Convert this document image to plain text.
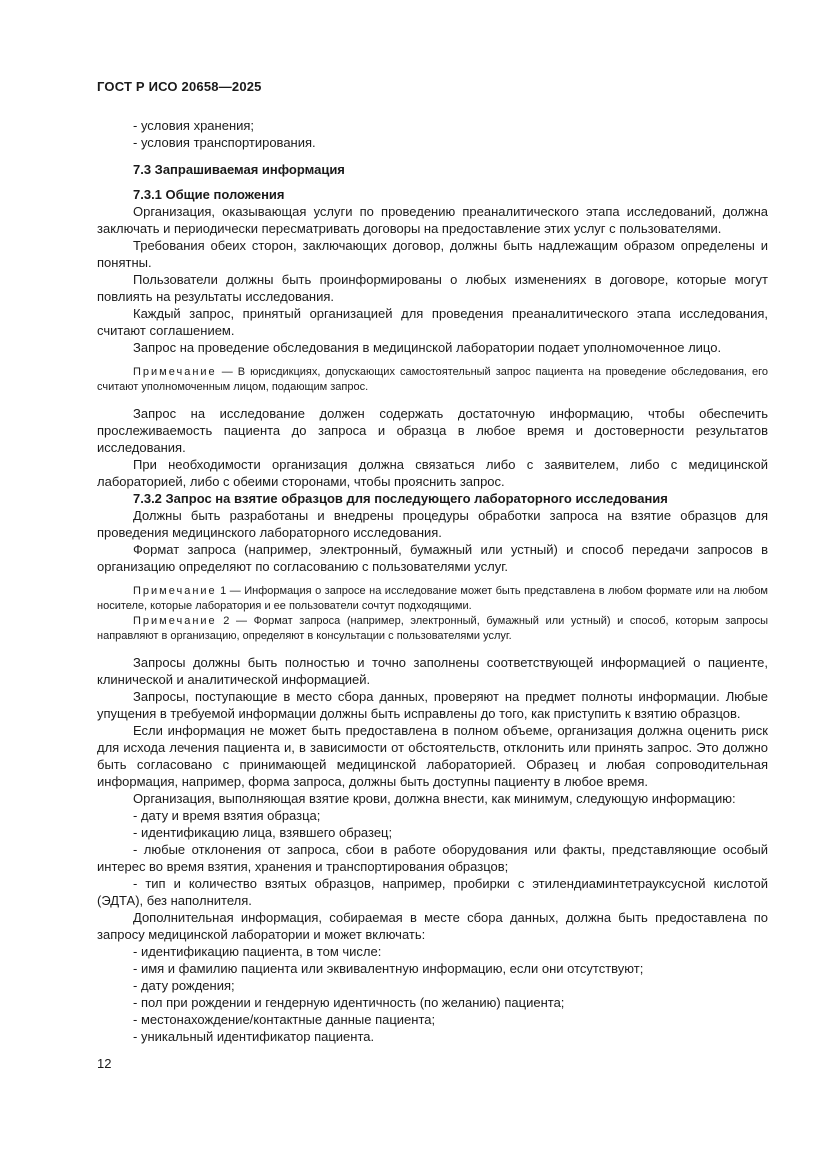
ГОСТ Р ИСО 20658—2025

- условия хранения;

- условия транспортирования.

7.3 Запрашиваемая информация

7.3.1 Общие положения

Организация, оказывающая услуги по проведению преаналитического этапа исследований, должна заключать и периодически пересматривать договоры на предоставление этих услуг с пользователями.

Требования обеих сторон, заключающих договор, должны быть надлежащим образом определены и понятны.

Пользователи должны быть проинформированы о любых изменениях в договоре, которые могут повлиять на результаты исследования.

Каждый запрос, принятый организацией для проведения преаналитического этапа исследования, считают соглашением.

Запрос на проведение обследования в медицинской лаборатории подает уполномоченное лицо.

Примечание — В юрисдикциях, допускающих самостоятельный запрос пациента на проведение обследования, его считают уполномоченным лицом, подающим запрос.

Запрос на исследование должен содержать достаточную информацию, чтобы обеспечить прослеживаемость пациента до запроса и образца в любое время и достоверности результатов исследования.

При необходимости организация должна связаться либо с заявителем, либо с медицинской лабораторией, либо с обеими сторонами, чтобы прояснить запрос.

7.3.2 Запрос на взятие образцов для последующего лабораторного исследования

Должны быть разработаны и внедрены процедуры обработки запроса на взятие образцов для проведения медицинского лабораторного исследования.

Формат запроса (например, электронный, бумажный или устный) и способ передачи запросов в организацию определяют по согласованию с пользователями услуг.

Примечание 1 — Информация о запросе на исследование может быть представлена в любом формате или на любом носителе, которые лаборатория и ее пользователи сочтут подходящими.

Примечание 2 — Формат запроса (например, электронный, бумажный или устный) и способ, которым запросы направляют в организацию, определяют в консультации с пользователями услуг.

Запросы должны быть полностью и точно заполнены соответствующей информацией о пациенте, клинической и аналитической информацией.

Запросы, поступающие в место сбора данных, проверяют на предмет полноты информации. Любые упущения в требуемой информации должны быть исправлены до того, как приступить к взятию образцов.

Если информация не может быть предоставлена в полном объеме, организация должна оценить риск для исхода лечения пациента и, в зависимости от обстоятельств, отклонить или принять запрос. Это должно быть согласовано с принимающей медицинской лабораторией. Образец и любая сопроводительная информация, например, форма запроса, должны быть доступны пациенту в любое время.

Организация, выполняющая взятие крови, должна внести, как минимум, следующую информацию:

- дату и время взятия образца;

- идентификацию лица, взявшего образец;

- любые отклонения от запроса, сбои в работе оборудования или факты, представляющие особый интерес во время взятия, хранения и транспортирования образцов;

- тип и количество взятых образцов, например, пробирки с этилендиаминтетрауксусной кислотой (ЭДТА), без наполнителя.

Дополнительная информация, собираемая в месте сбора данных, должна быть предоставлена по запросу медицинской лаборатории и может включать:

- идентификацию пациента, в том числе:

- имя и фамилию пациента или эквивалентную информацию, если они отсутствуют;

- дату рождения;

- пол при рождении и гендерную идентичность (по желанию) пациента;

- местонахождение/контактные данные пациента;

- уникальный идентификатор пациента.

12
